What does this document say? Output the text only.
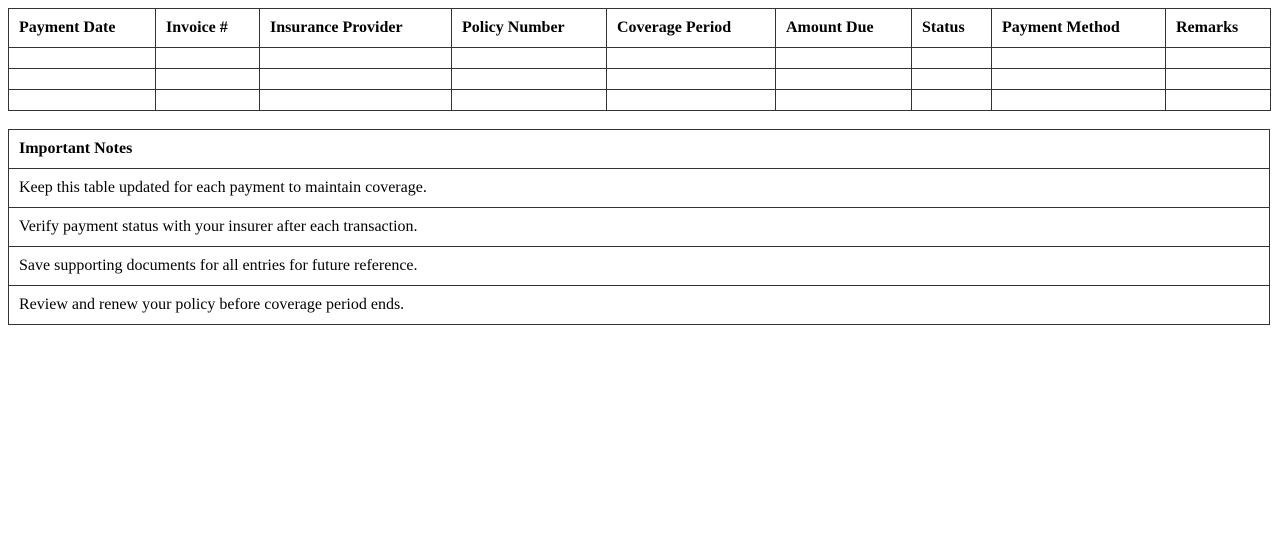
Payment Date	Invoice #	Insurance Provider	Policy Number	Coverage Period	Amount Due	Status	Payment Method	Remarks

Important Notes
Keep this table updated for each payment to maintain coverage.
Verify payment status with your insurer after each transaction.
Save supporting documents for all entries for future reference.
Review and renew your policy before coverage period ends.
